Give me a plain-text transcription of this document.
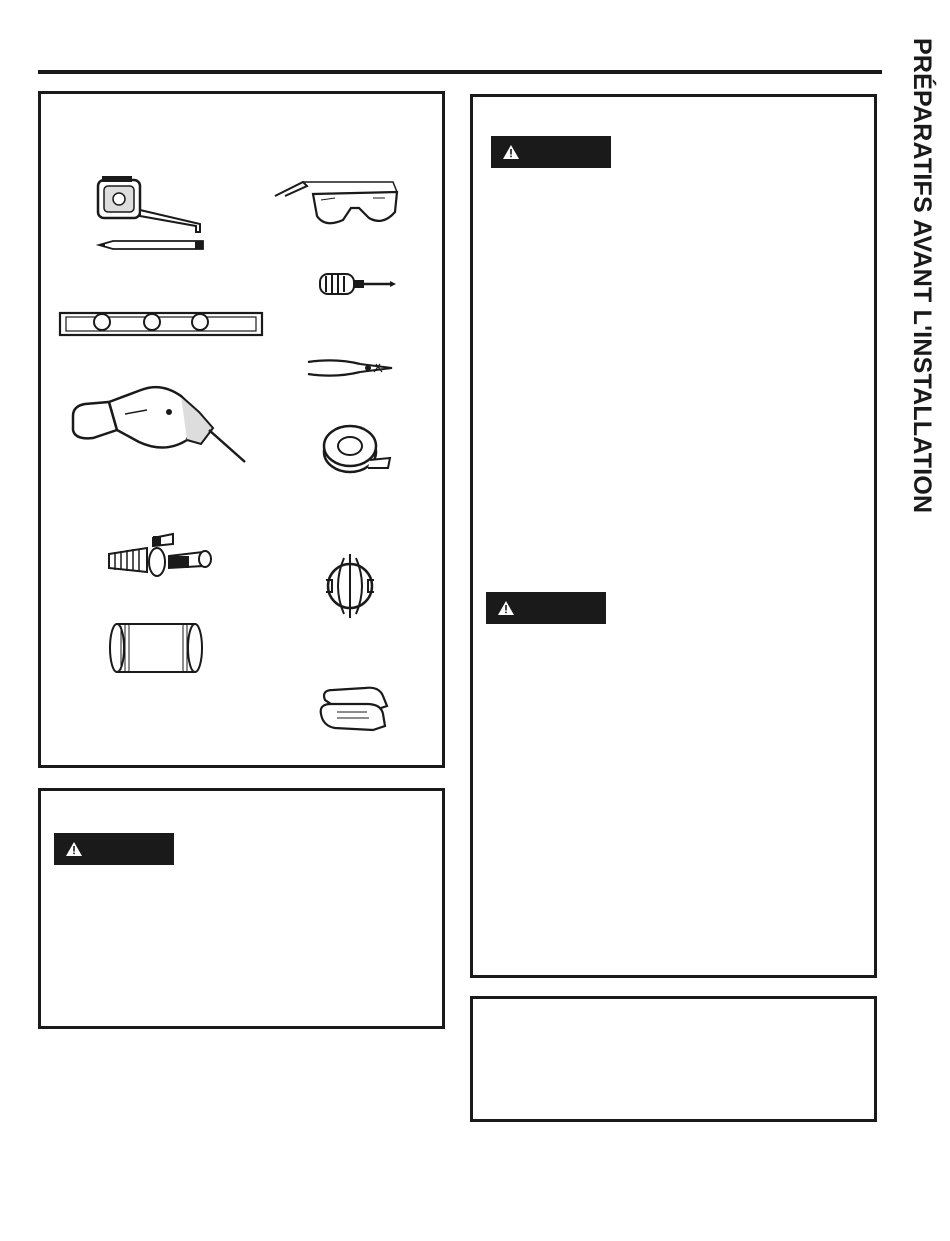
PRÉPARATIFS AVANT L'INSTALLATION
